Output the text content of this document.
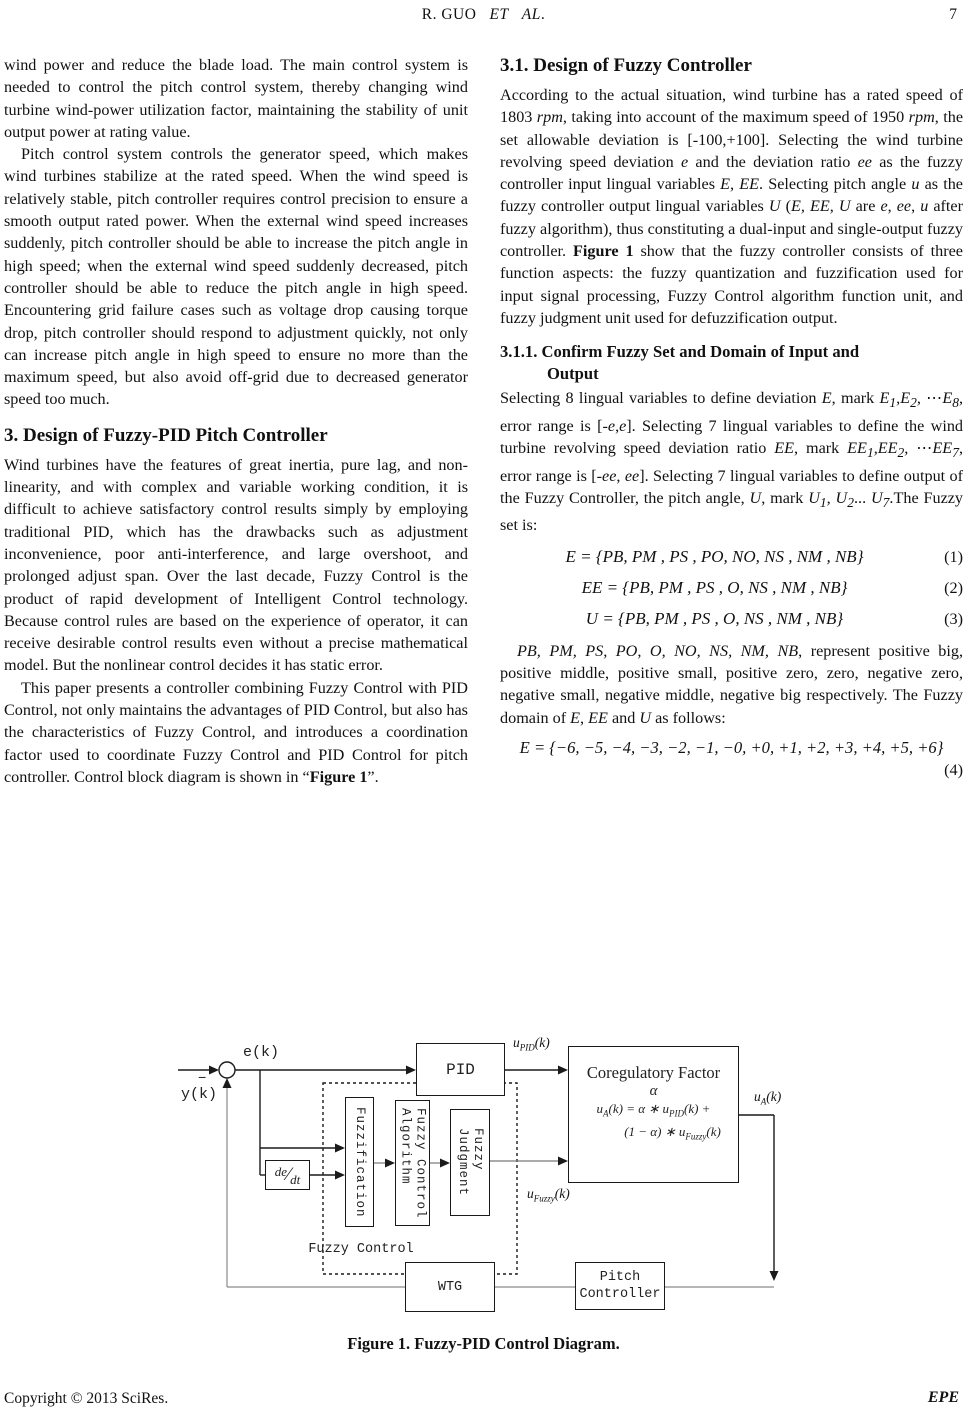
R. GUO   ET   AL.	7

wind power and reduce the blade load. The main control system is needed to control the pitch control system, thereby changing wind turbine wind-power utilization factor, maintaining the stability of unit output power at rating value.

Pitch control system controls the generator speed, which makes wind turbines stabilize at the rated speed. When the wind speed is relatively stable, pitch controller requires control precision to ensure a smooth output rated power. When the external wind speed increases suddenly, pitch controller should be able to increase the pitch angle in high speed; when the external wind speed suddenly decreased, pitch controller should be able to reduce the pitch angle in high speed. Encountering grid failure cases such as voltage drop causing torque drop, pitch controller should respond to adjustment quickly, not only can increase pitch angle in high speed to ensure no more than the maximum speed, but also avoid off-grid due to decreased generator speed too much.

3. Design of Fuzzy-PID Pitch Controller

Wind turbines have the features of great inertia, pure lag, and non-linearity, and with complex and variable working condition, it is difficult to achieve satisfactory control results simply by employing traditional PID, which has the drawbacks such as adjustment inconvenience, poor anti-interference, and large overshoot, and prolonged adjust span. Over the last decade, Fuzzy Control is the product of rapid development of Intelligent Control technology. Because control rules are based on the experience of operator, it can receive desirable control results even without a precise mathematical model. But the nonlinear control decides it has static error.

This paper presents a controller combining Fuzzy Control with PID Control, not only maintains the advantages of PID Control, but also has the characteristics of Fuzzy Control, and introduces a coordination factor used to coordinate Fuzzy Control and PID Control for pitch controller. Control block diagram is shown in “Figure 1”.

3.1. Design of Fuzzy Controller

According to the actual situation, wind turbine has a rated speed of 1803 rpm, taking into account of the maximum speed of 1950 rpm, the set allowable deviation is [-100,+100]. Selecting the wind turbine revolving speed deviation e and the deviation ratio ee as the fuzzy controller input lingual variables E, EE. Selecting pitch angle u as the fuzzy controller output lingual variables U (E, EE, U are e, ee, u after fuzzy algorithm), thus constituting a dual-input and single-output fuzzy controller. Figure 1 show that the fuzzy controller consists of three function aspects: the fuzzy quantization and fuzzification used for input signal processing, Fuzzy Control algorithm function unit, and fuzzy judgment unit used for defuzzification output.

3.1.1. Confirm Fuzzy Set and Domain of Input and
Output

Selecting 8 lingual variables to define deviation E, mark $E_1,E_2$, $\cdots E_8$, error range is [-e,e]. Selecting 7 lingual variables to define the wind turbine revolving speed deviation ratio EE, mark $EE_1,EE_2$, $\cdots EE_7$, error range is [-ee, ee]. Selecting 7 lingual variables to define output of the Fuzzy Controller, the pitch angle, U, mark $U_1$, $U_2$... $U_7.The$ Fuzzy set is:

E = {PB, PM , PS , PO, NO, NS , NM , NB}	(1)
EE = {PB, PM , PS , O, NS , NM , NB}	(2)
U = {PB, PM , PS , O, NS , NM , NB}	(3)

PB, PM, PS, PO, O, NO, NS, NM, NB, represent positive big, positive middle, positive small, positive zero, zero, negative zero, negative small, negative middle, negative big respectively. The Fuzzy domain of E, EE and U as follows:

E = {−6, −5, −4, −3, −2, −1, −0, +0, +1, +2, +3, +4, +5, +6}
(4)
PID
de⁄dt	Fuzzification	Fuzzy Control
Algorithm	Fuzzy
Judgment
Coregulatory Factor
α
$u_A(k) = \alpha$ ∗ $u_{PID}(k)$ +
(1 − α) ∗ $u_{Fuzzy}(k)$
WTG
Pitch
Controller
e(k)
−
y(k)
Fuzzy Control
$u_{PID}(k)$
$u_A(k)$
$u_{Fuzzy}(k)$
Figure 1. Fuzzy-PID Control Diagram.
Copyright © 2013 SciRes.	EPE
